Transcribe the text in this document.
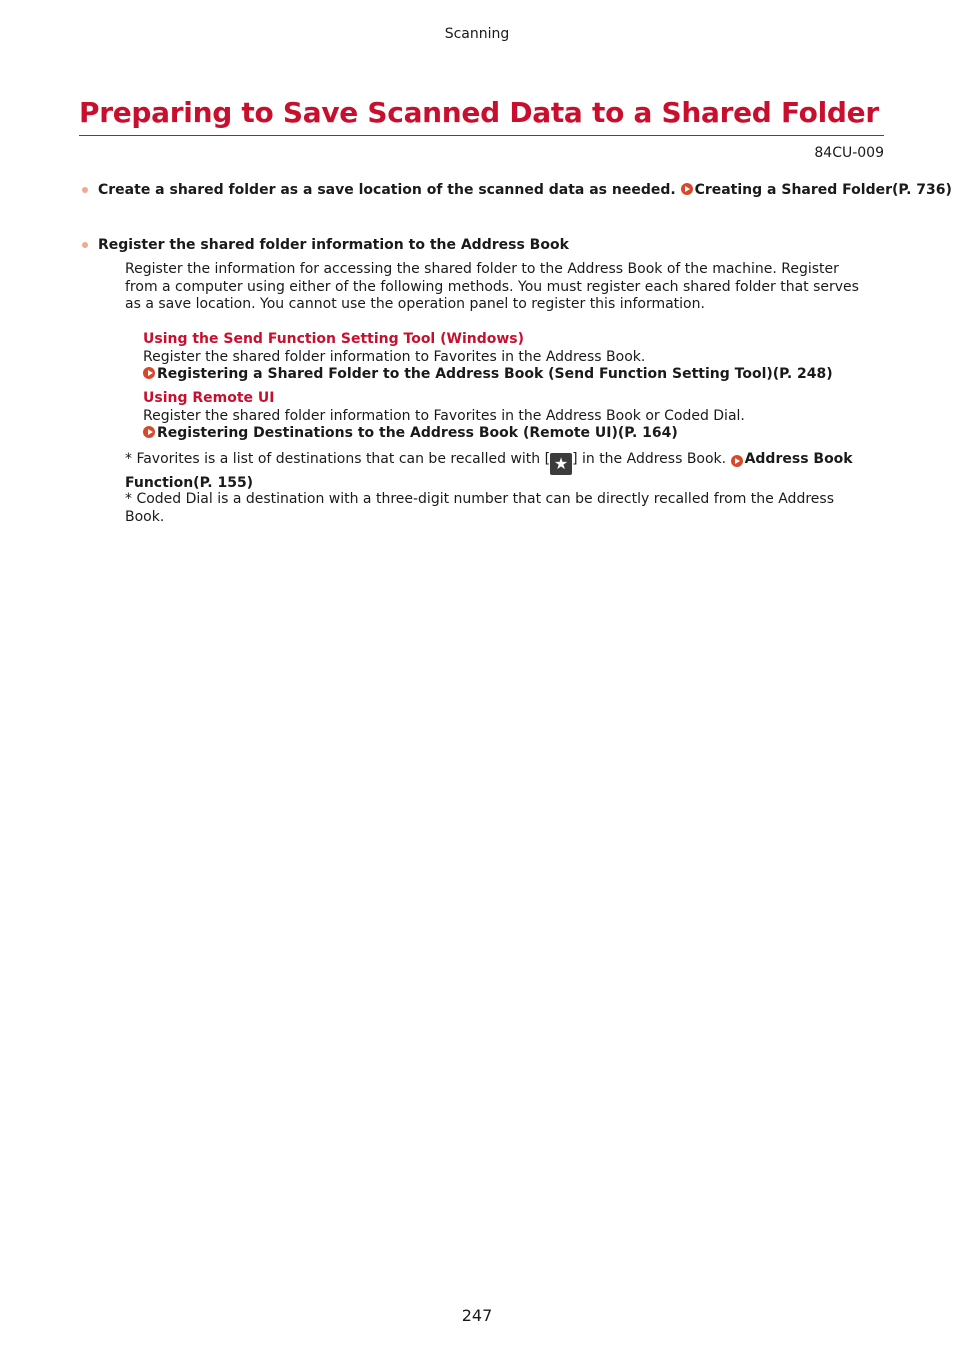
Scanning
Preparing to Save Scanned Data to a Shared Folder
84CU-009
Create a shared folder as a save location of the scanned data as needed. Creating a Shared Folder(P. 736)
Register the shared folder information to the Address Book
Register the information for accessing the shared folder to the Address Book of the machine. Register from a computer using either of the following methods. You must register each shared folder that serves as a save location. You cannot use the operation panel to register this information.
Using the Send Function Setting Tool (Windows)
Register the shared folder information to Favorites in the Address Book.
Registering a Shared Folder to the Address Book (Send Function Setting Tool)(P. 248)
Using Remote UI
Register the shared folder information to Favorites in the Address Book or Coded Dial.
Registering Destinations to the Address Book (Remote UI)(P. 164)
* Favorites is a list of destinations that can be recalled with [ ★ ] in the Address Book. Address Book Function(P. 155)
* Coded Dial is a destination with a three-digit number that can be directly recalled from the Address Book.
247
